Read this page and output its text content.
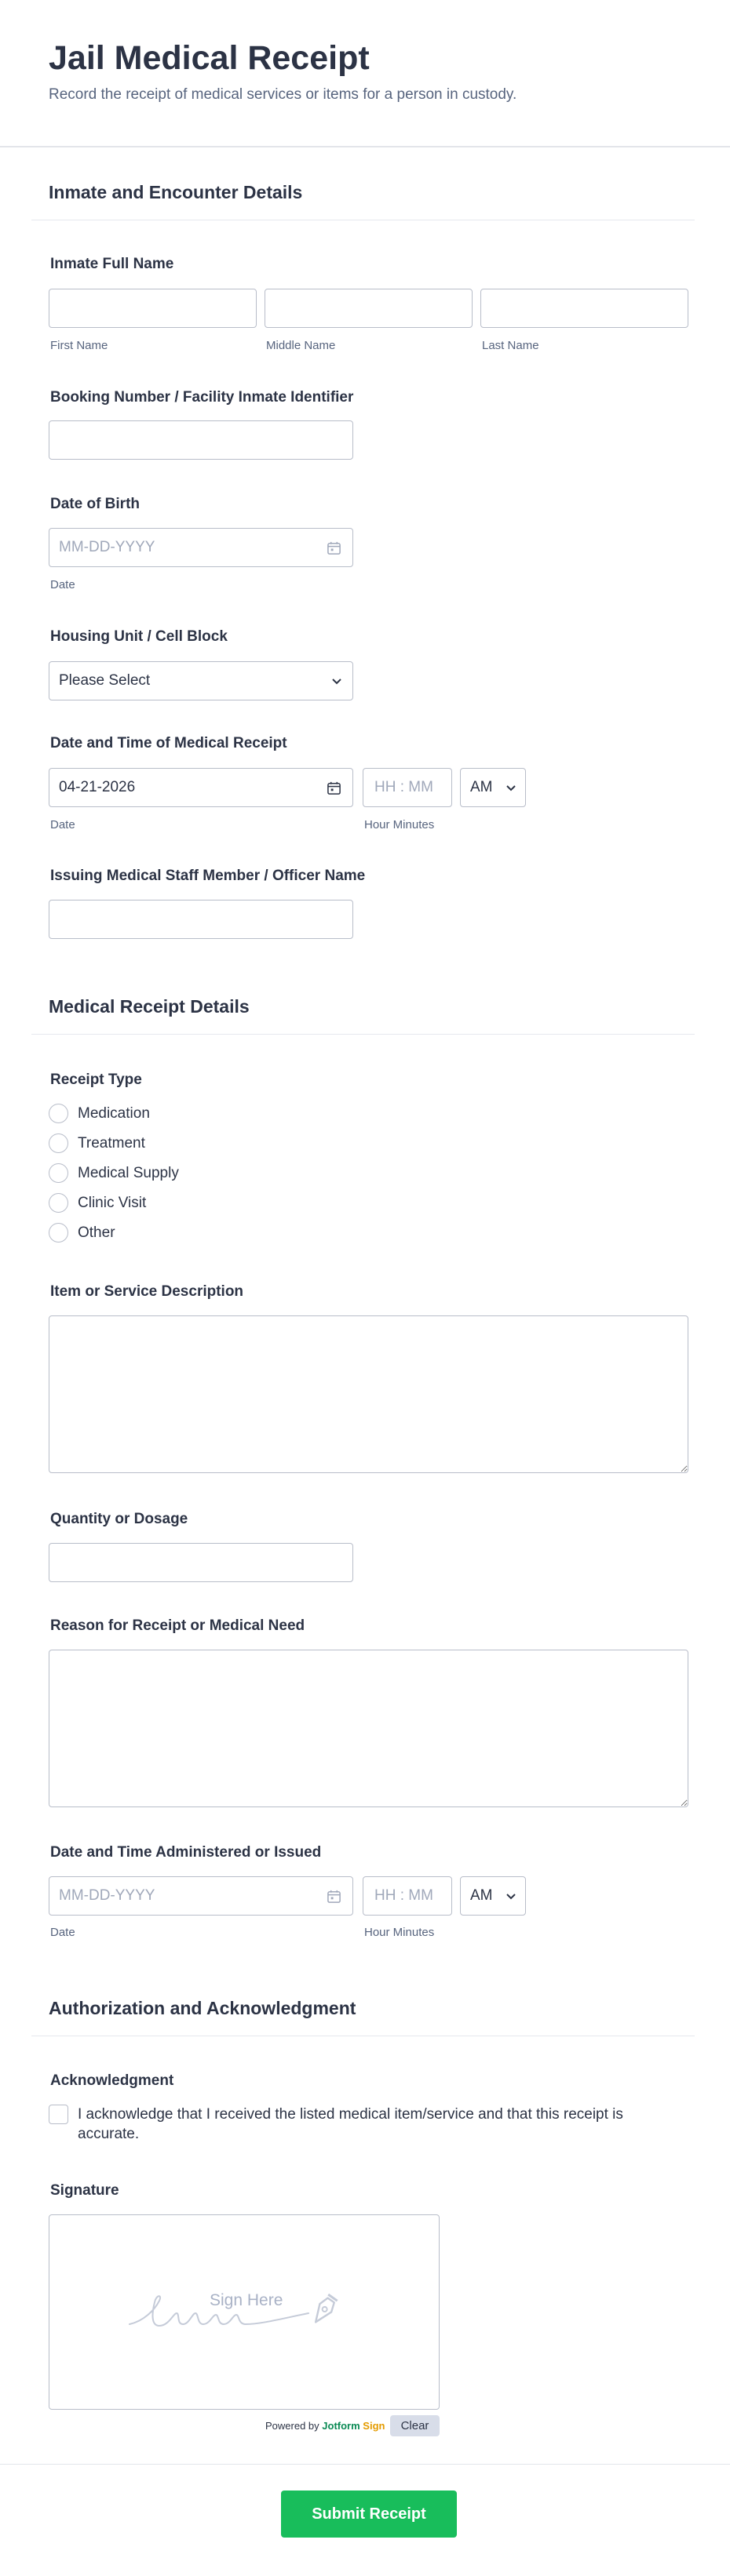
Jail Medical Receipt
Record the receipt of medical services or items for a person in custody.
Inmate and Encounter Details
Inmate Full Name
First Name	Middle Name	Last Name
Booking Number / Facility Inmate Identifier
Date of Birth
MM-DD-YYYY
Date
Housing Unit / Cell Block
Please Select
Date and Time of Medical Receipt
04-21-2026	HH : MM AM
Date	Hour Minutes
Issuing Medical Staff Member / Officer Name
Medical Receipt Details
Receipt Type
Medication
Treatment
Medical Supply
Clinic Visit
Other
Item or Service Description
Quantity or Dosage
Reason for Receipt or Medical Need
Date and Time Administered or Issued
MM-DD-YYYY	HH : MM AM
Date	Hour Minutes
Authorization and Acknowledgment
Acknowledgment
I acknowledge that I received the listed medical item/service and that this receipt is accurate.
Signature
Sign Here
Powered by Jotform Sign	Clear
Submit Receipt
